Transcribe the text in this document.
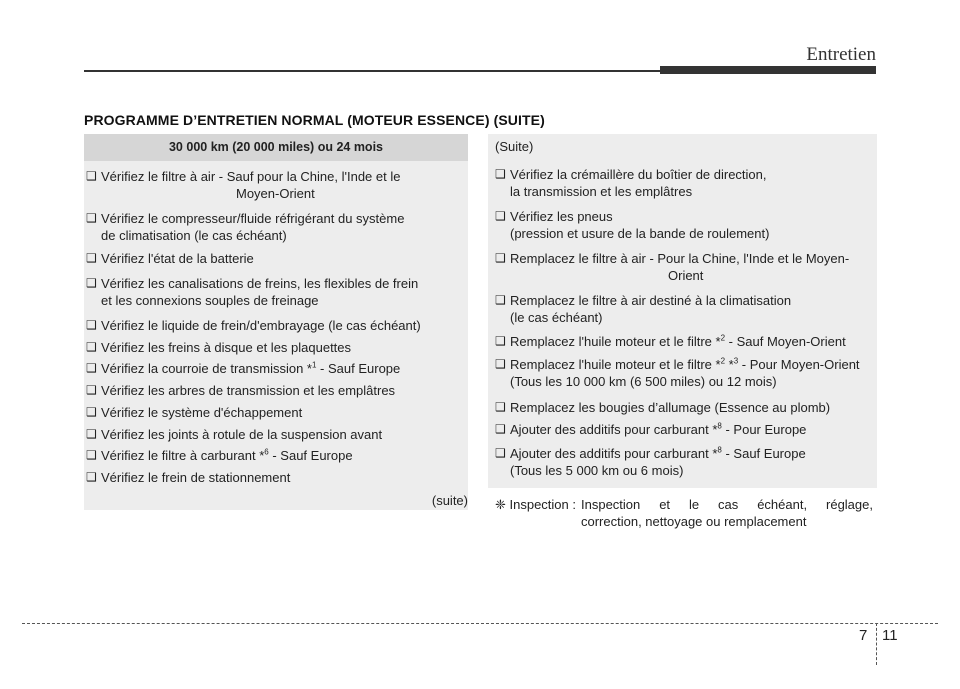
Entretien
PROGRAMME D’ENTRETIEN NORMAL (MOTEUR ESSENCE) (SUITE)
30 000 km (20 000 miles) ou 24 mois
❑ Vérifiez le filtre à air - Sauf pour la Chine, l'Inde et le
Moyen-Orient
❑ Vérifiez le compresseur/fluide réfrigérant du système
de climatisation (le cas échéant)
❑ Vérifiez l'état de la batterie
❑ Vérifiez les canalisations de freins, les flexibles de frein
et les connexions souples de freinage
❑ Vérifiez le liquide de frein/d'embrayage (le cas échéant)
❑ Vérifiez les freins à disque et les plaquettes
❑ Vérifiez la courroie de transmission *$^1$ - Sauf Europe
❑ Vérifiez les arbres de transmission et les emplâtres
❑ Vérifiez le système d'échappement
❑ Vérifiez les joints à rotule de la suspension avant
❑ Vérifiez le filtre à carburant *$^6$ - Sauf Europe
❑ Vérifiez le frein de stationnement
(suite)
(Suite)
❑ Vérifiez la crémaillère du boîtier de direction,
la transmission et les emplâtres
❑ Vérifiez les pneus
(pression et usure de la bande de roulement)
❑ Remplacez le filtre à air - Pour la Chine, l'Inde et le Moyen-
Orient
❑ Remplacez le filtre à air destiné à la climatisation
(le cas échéant)
❑ Remplacez l'huile moteur et le filtre *$^2$ - Sauf Moyen-Orient
❑ Remplacez l'huile moteur et le filtre *$^2$ *$^3$ - Pour Moyen-Orient
(Tous les 10 000 km (6 500 miles) ou 12 mois)
❑ Remplacez les bougies d’allumage (Essence au plomb)
❑ Ajouter des additifs pour carburant *$^8$ - Pour Europe
❑ Ajouter des additifs pour carburant *$^8$ - Sauf Europe
(Tous les 5 000 km ou 6 mois)
❈ Inspection : Inspection et le cas échéant, réglage,
correction, nettoyage ou remplacement
7 11
